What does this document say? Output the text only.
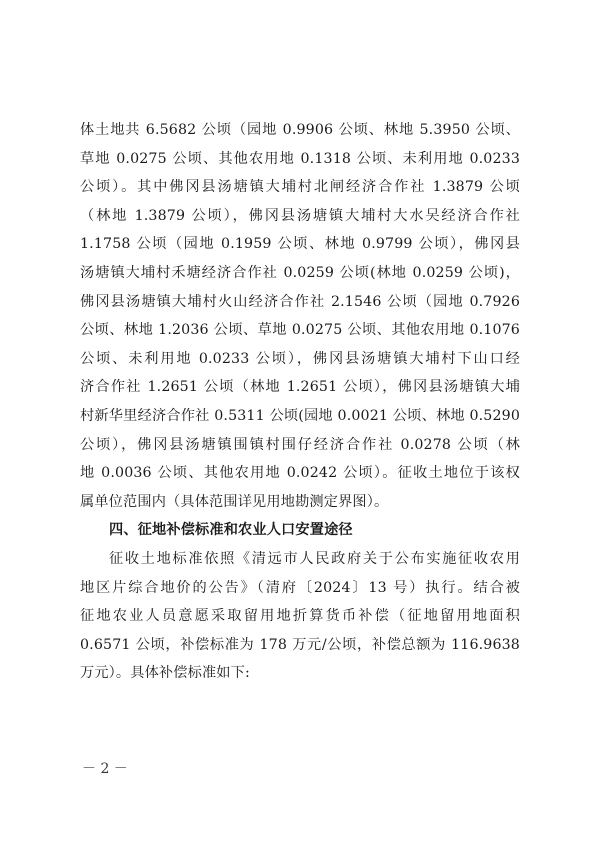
体土地共 6.5682 公顷（园地 0.9906 公顷、林地 5.3950 公顷、
草地 0.0275 公顷、其他农用地 0.1318 公顷、未利用地 0.0233
公顷）。其中佛冈县汤塘镇大埔村北闸经济合作社 1.3879 公顷
（林地 1.3879 公顷），佛冈县汤塘镇大埔村大水㕦经济合作社
1.1758 公顷（园地 0.1959 公顷、林地 0.9799 公顷），佛冈县
汤塘镇大埔村禾塘经济合作社 0.0259 公顷(林地 0.0259 公顷)，
佛冈县汤塘镇大埔村火山经济合作社 2.1546 公顷（园地 0.7926
公顷、林地 1.2036 公顷、草地 0.0275 公顷、其他农用地 0.1076
公顷、未利用地 0.0233 公顷），佛冈县汤塘镇大埔村下山口经
济合作社 1.2651 公顷（林地 1.2651 公顷），佛冈县汤塘镇大埔
村新华里经济合作社 0.5311 公顷(园地 0.0021 公顷、林地 0.5290
公顷），佛冈县汤塘镇围镇村围仔经济合作社 0.0278 公顷（林
地 0.0036 公顷、其他农用地 0.0242 公顷）。征收土地位于该权
属单位范围内（具体范围详见用地勘测定界图）。
四、征地补偿标准和农业人口安置途径
征收土地标准依照《清远市人民政府关于公布实施征收农用
地区片综合地价的公告》（清府〔2024〕13 号）执行。结合被
征地农业人员意愿采取留用地折算货币补偿（征地留用地面积
0.6571 公顷，补偿标准为 178 万元/公顷，补偿总额为 116.9638
万元）。具体补偿标准如下:
－ 2 －
